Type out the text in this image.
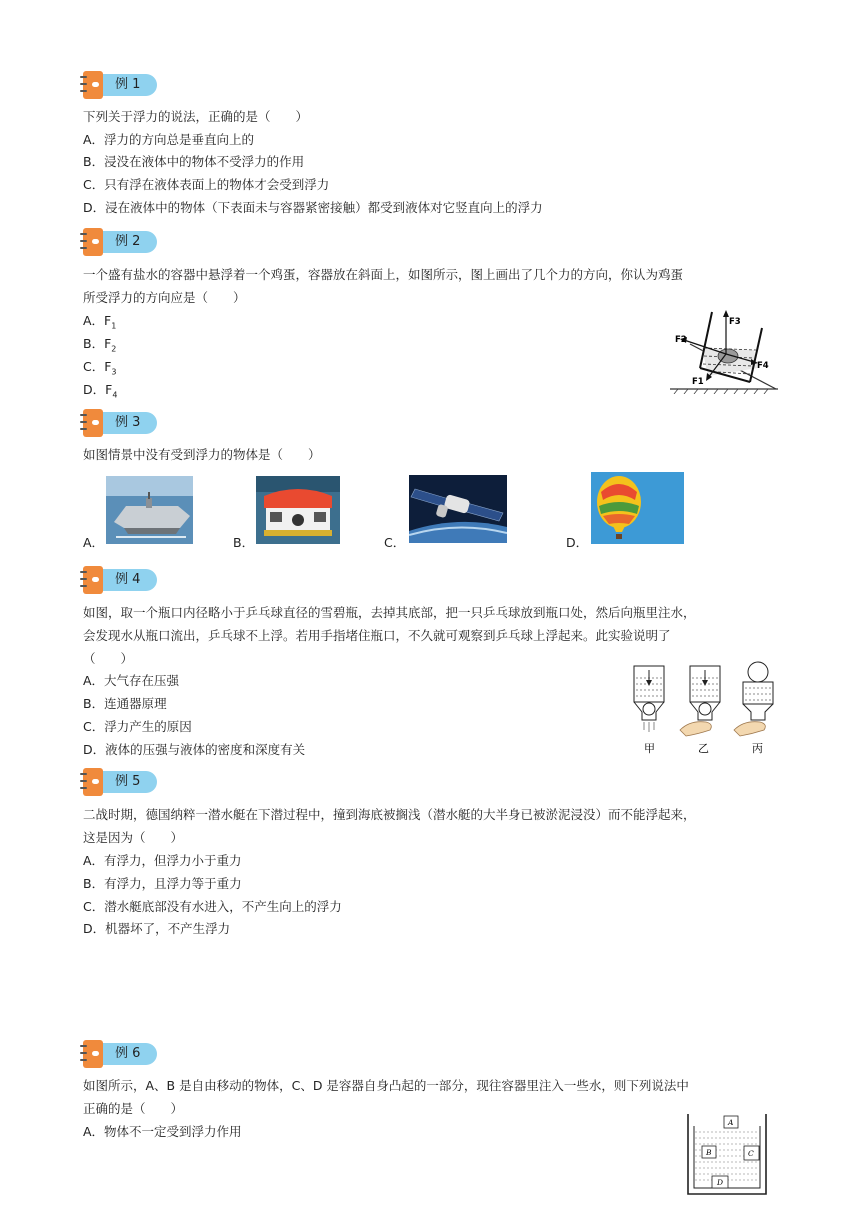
例 1
下列关于浮力的说法，正确的是（　　）
A．浮力的方向总是垂直向上的
B．浸没在液体中的物体不受浮力的作用
C．只有浮在液体表面上的物体才会受到浮力
D．浸在液体中的物体（下表面未与容器紧密接触）都受到液体对它竖直向上的浮力
例 2
一个盛有盐水的容器中悬浮着一个鸡蛋，容器放在斜面上，如图所示，图上画出了几个力的方向，你认为鸡蛋
所受浮力的方向应是（　　）
A．$F_1$
B．$F_2$
C．$F_3$
D．$F_4$
F3
F2
F4
F1
例 3
如图情景中没有受到浮力的物体是（　　）
A．	B．	C．	D．
例 4
如图，取一个瓶口内径略小于乒乓球直径的雪碧瓶，去掉其底部，把一只乒乓球放到瓶口处，然后向瓶里注水，
会发现水从瓶口流出，乒乓球不上浮。若用手指堵住瓶口，不久就可观察到乒乓球上浮起来。此实验说明了
（　　）
A．大气存在压强
B．连通器原理
C．浮力产生的原因
D．液体的压强与液体的密度和深度有关	甲	乙	丙
例 5
二战时期，德国纳粹一潜水艇在下潜过程中，撞到海底被搁浅（潜水艇的大半身已被淤泥浸没）而不能浮起来，
这是因为（　　）
A．有浮力，但浮力小于重力
B．有浮力，且浮力等于重力
C．潜水艇底部没有水进入，不产生向上的浮力
D．机器坏了，不产生浮力
例 6
如图所示，A、B 是自由移动的物体，C、D 是容器自身凸起的一部分，现往容器里注入一些水，则下列说法中
正确的是（　　）
A．物体不一定受到浮力作用
A
B	C
D
